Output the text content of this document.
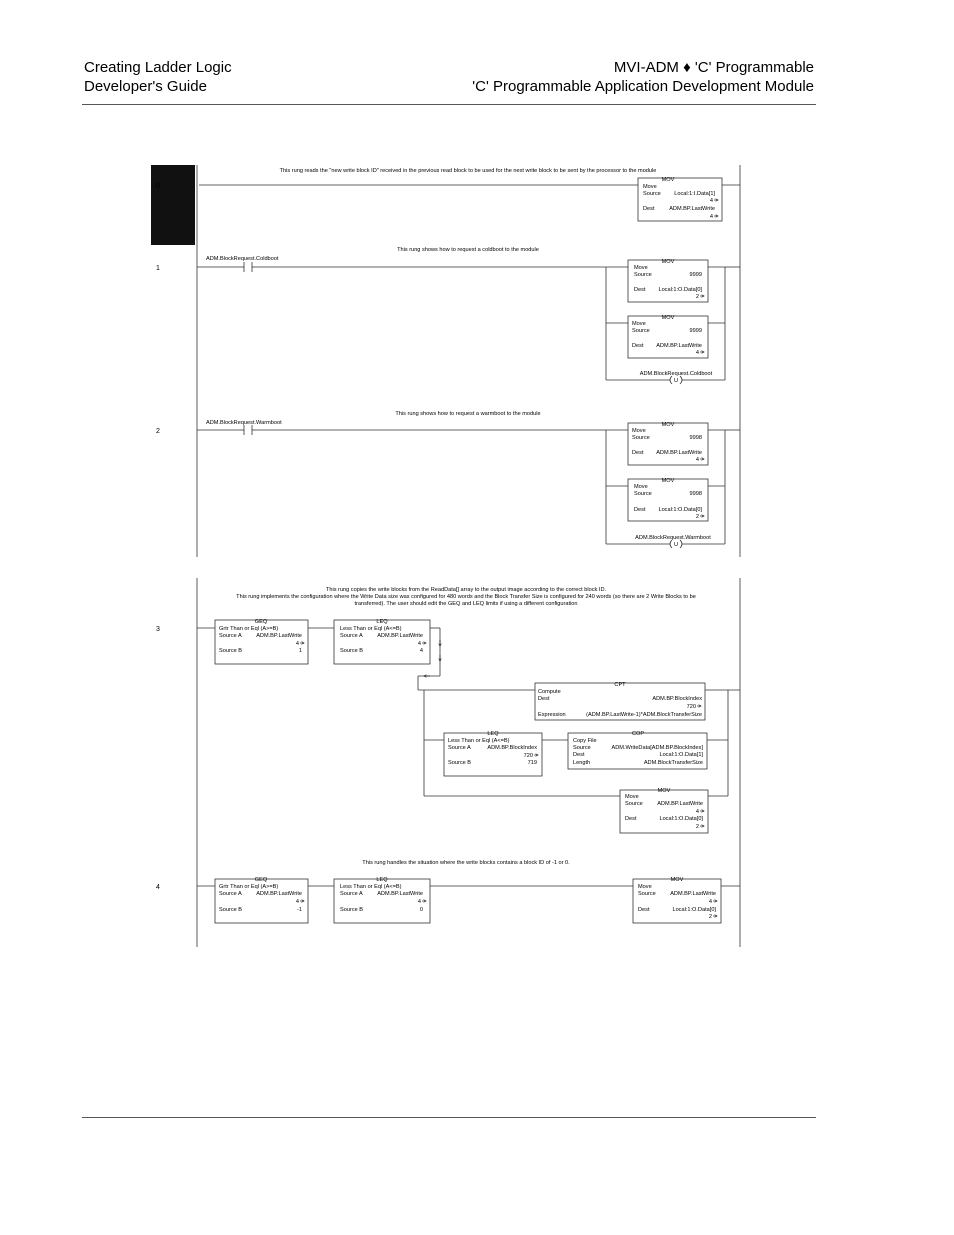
Creating Ladder Logic
Developer's Guide
MVI-ADM ♦ 'C' Programmable
'C' Programmable Application Development Module
0
1
2
This rung reads the "new write block ID" received in the previous read block to be used for the next write block to be sent by the processor to the module
This rung shows how to request a coldboot to the module
This rung shows how to request a warmboot to the module
ADM.BlockRequest.Coldboot
ADM.BlockRequest.Warmboot
MOV
Move
Source Local:1:I.Data[1]
4
Dest	ADM.BP.LastWrite
4
MOV
Move
Source	9999
Dest Local:1:O.Data[0]
2
MOV
Move
Source	9999
Dest ADM.BP.LastWrite
4
ADM.BlockRequest.Coldboot
U
MOV
Move
Source	9998
Dest ADM.BP.LastWrite
4
MOV
Move
Source	9998
Dest Local:1:O.Data[0]
2
ADM.BlockRequest.Warmboot
U
3
4
This rung copies the write blocks from the ReadData[] array to the output image according to the correct block ID.
This rung implements the configuration where the Write Data size was configured for 480 words and the Block Transfer Size is configured for 240 words (so there are 2 Write Blocks to be
transferred). The user should edit the GEQ and LEQ limits if using a different configuration
This rung handles the situation where the write blocks contains a block ID of -1 or 0.
GEQ
Grtr Than or Eql (A>=B)
Source A	ADM.BP.LastWrite
4
Source B	1
LEQ
Less Than or Eql (A<=B)
Source A	ADM.BP.LastWrite
4
Source B	4
CPT
Compute
Dest	ADM.BP.BlockIndex
720
Expression	(ADM.BP.LastWrite-1)*ADM.BlockTransferSize
LEQ
Less Than or Eql (A<=B)
Source A	ADM.BP.BlockIndex
720
Source B	719
COP
Copy File
Source	ADM.WriteData[ADM.BP.BlockIndex]
Dest	Local:1:O.Data[1]
Length	ADM.BlockTransferSize
MOV
Move
Source	ADM.BP.LastWrite
4
Dest	Local:1:O.Data[0]
2
GEQ
Grtr Than or Eql (A>=B)
Source A	ADM.BP.LastWrite
4
Source B	-1
LEQ
Less Than or Eql (A<=B)
Source A	ADM.BP.LastWrite
4
Source B	0
MOV
Move
Source	ADM.BP.LastWrite
4
Dest	Local:1:O.Data[0]
2
